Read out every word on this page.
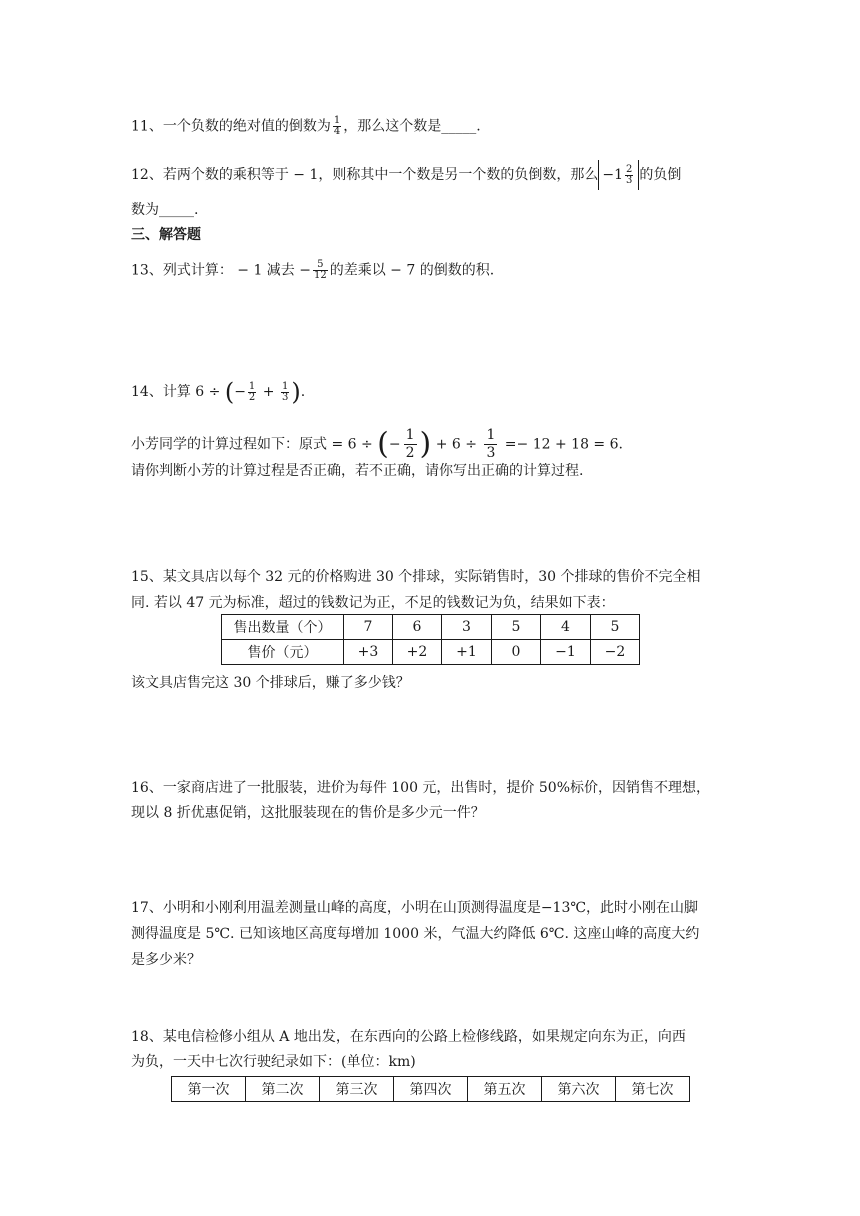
11、一个负数的绝对值的倒数为 $\frac{1}{4}$ ，那么这个数是_____.
12、若两个数的乘积等于 − 1，则称其中一个数是另一个数的负倒数，那么 $-1 \frac{2}{3}$ 的负倒
数为_____.
三、解答题
13、列式计算： − 1 减去 − $\frac{5}{12}$ 的差乘以 − 7 的倒数的积.
14、计算 6 ÷ (− $\frac{1}{2} + \frac{1}{3}$ ).
小芳同学的计算过程如下：原式 = 6 ÷ (− $\frac{1}{2}$ ) + $6 \div \frac{1}{3} =- 12 + 18 = 6$.
请你判断小芳的计算过程是否正确，若不正确，请你写出正确的计算过程.
15、某文具店以每个 32 元的价格购进 30 个排球，实际销售时，30 个排球的售价不完全相
同. 若以 47 元为标准，超过的钱数记为正，不足的钱数记为负，结果如下表：
售出数量（个）	7	6	3	5	4	5
售价（元）	+3	+2	+1	0	−1	−2
该文具店售完这 30 个排球后，赚了多少钱？
16、一家商店进了一批服装，进价为每件 100 元，出售时，提价 50%标价，因销售不理想，
现以 8 折优惠促销，这批服装现在的售价是多少元一件？
17、小明和小刚利用温差测量山峰的高度，小明在山顶测得温度是−13℃，此时小刚在山脚
测得温度是 5℃. 已知该地区高度每增加 1000 米，气温大约降低 6℃. 这座山峰的高度大约
是多少米？
18、某电信检修小组从 A 地出发，在东西向的公路上检修线路，如果规定向东为正，向西
为负，一天中七次行驶纪录如下：(单位：km)
第一次	第二次	第三次	第四次	第五次	第六次	第七次
